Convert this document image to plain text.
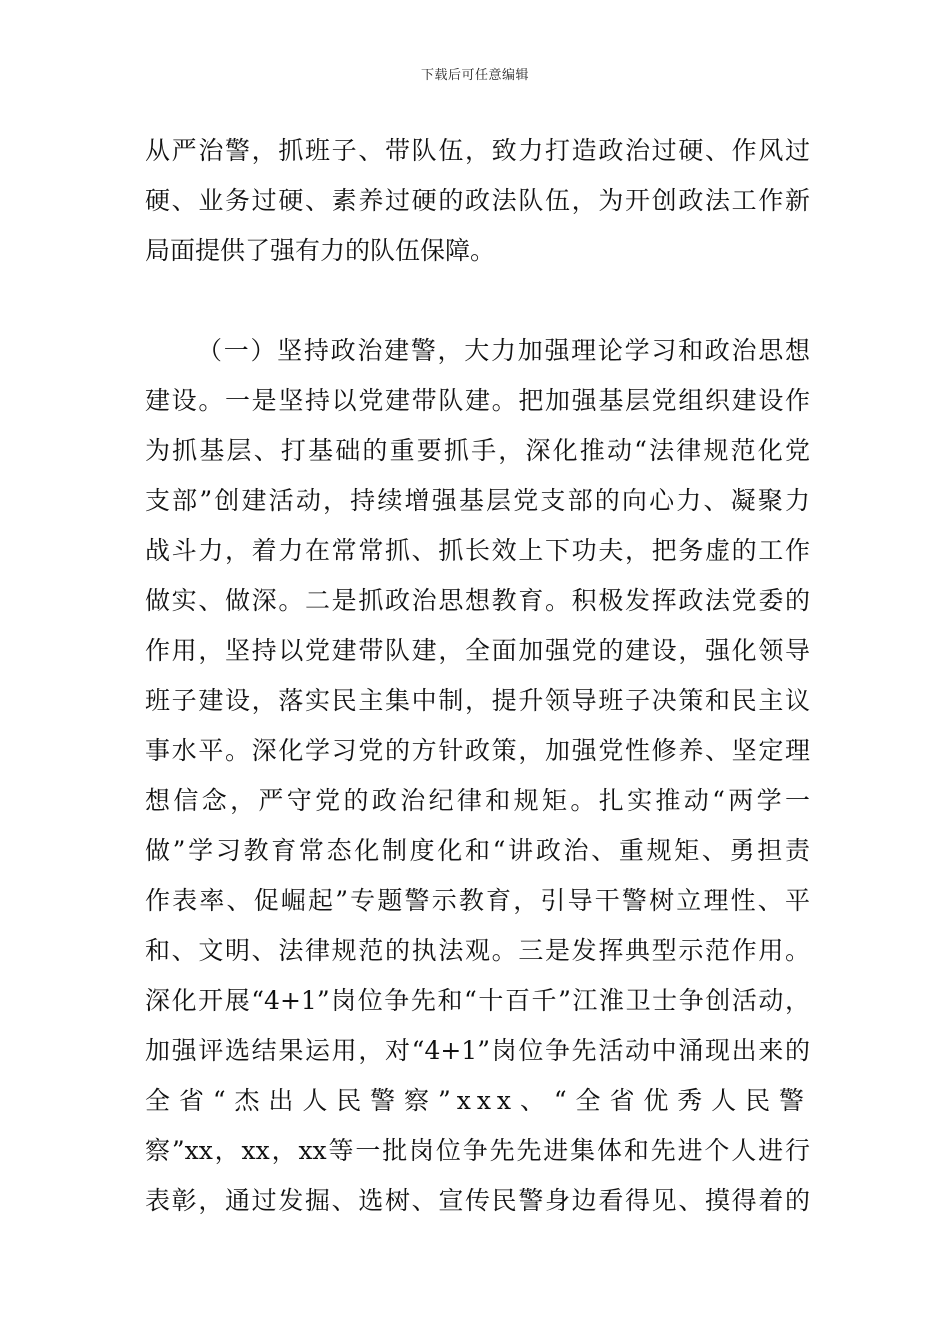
下载后可任意编辑
从严治警，抓班子、带队伍，致力打造政治过硬、作风过
硬、业务过硬、素养过硬的政法队伍，为开创政法工作新
局面提供了强有力的队伍保障。
（一）坚持政治建警，大力加强理论学习和政治思想
建设。一是坚持以党建带队建。把加强基层党组织建设作
为抓基层、打基础的重要抓手，深化推动“法律规范化党
支部”创建活动，持续增强基层党支部的向心力、凝聚力
战斗力，着力在常常抓、抓长效上下功夫，把务虚的工作
做实、做深。二是抓政治思想教育。积极发挥政法党委的
作用，坚持以党建带队建，全面加强党的建设，强化领导
班子建设，落实民主集中制，提升领导班子决策和民主议
事水平。深化学习党的方针政策，加强党性修养、坚定理
想信念，严守党的政治纪律和规矩。扎实推动“两学一
做”学习教育常态化制度化和“讲政治、重规矩、勇担责
作表率、促崛起”专题警示教育，引导干警树立理性、平
和、文明、法律规范的执法观。三是发挥典型示范作用。
深化开展“4+1”岗位争先和“十百千”江淮卫士争创活动，
加强评选结果运用，对“4+1”岗位争先活动中涌现出来的
全省“杰出人民警察”xxx、“全省优秀人民警
察”xx，xx，xx等一批岗位争先先进集体和先进个人进行
表彰，通过发掘、选树、宣传民警身边看得见、摸得着的
